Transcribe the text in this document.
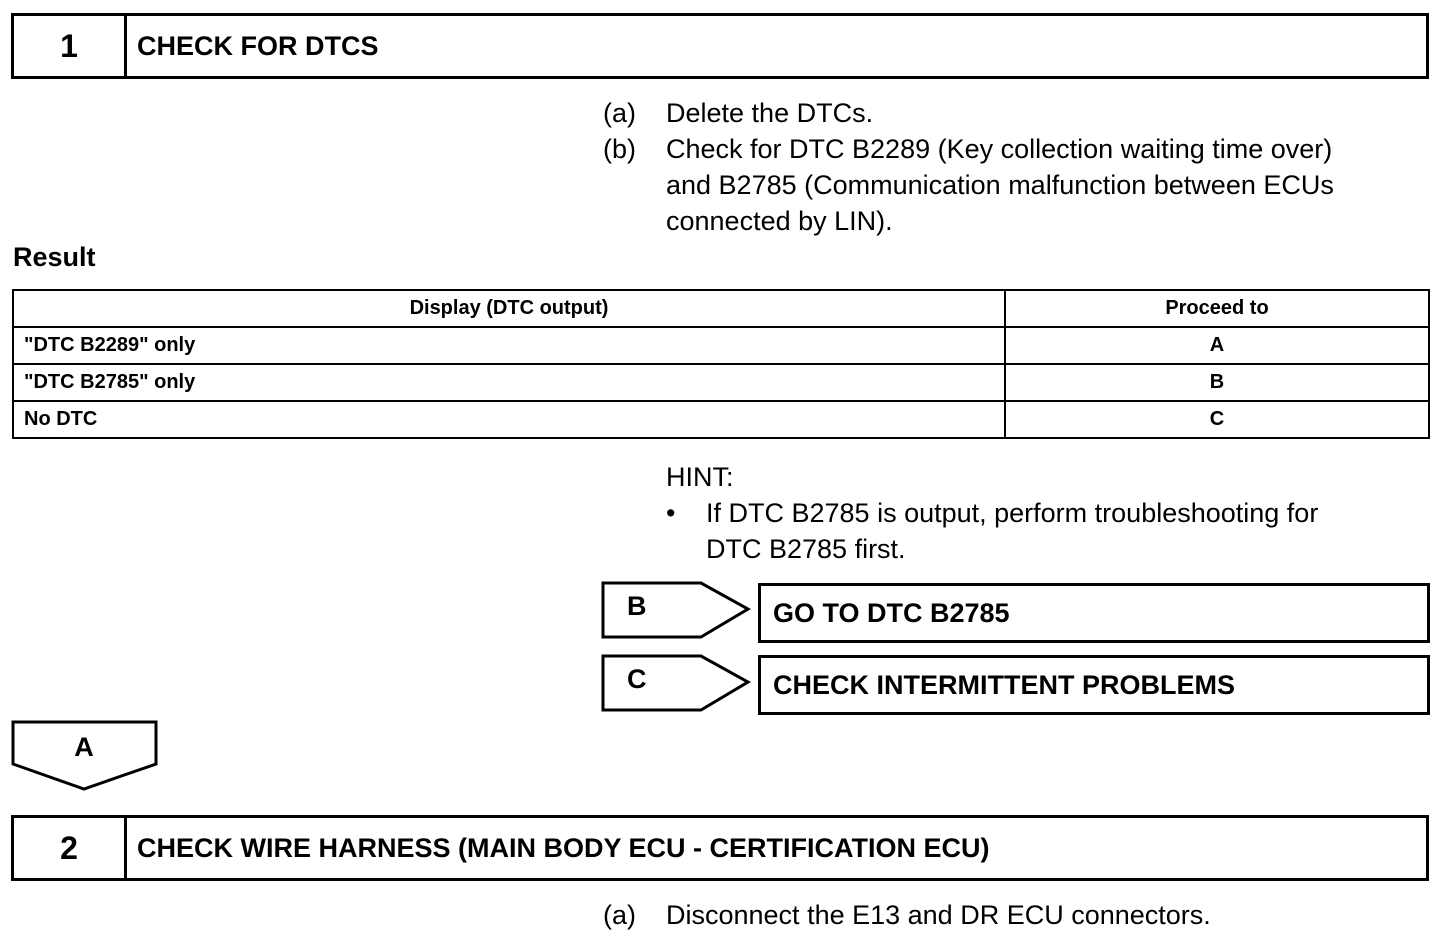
1	CHECK FOR DTCS
(a)	Delete the DTCs.
(b)	Check for DTC B2289 (Key collection waiting time over)
and B2785 (Communication malfunction between ECUs
connected by LIN).
Result
Display (DTC output)	Proceed to
"DTC B2289" only	A
"DTC B2785" only	B
No DTC	C
HINT:
•	If DTC B2785 is output, perform troubleshooting for
DTC B2785 first.
B	GO TO DTC B2785
C	CHECK INTERMITTENT PROBLEMS
A
2	CHECK WIRE HARNESS (MAIN BODY ECU - CERTIFICATION ECU)
(a)	Disconnect the E13 and DR ECU connectors.
